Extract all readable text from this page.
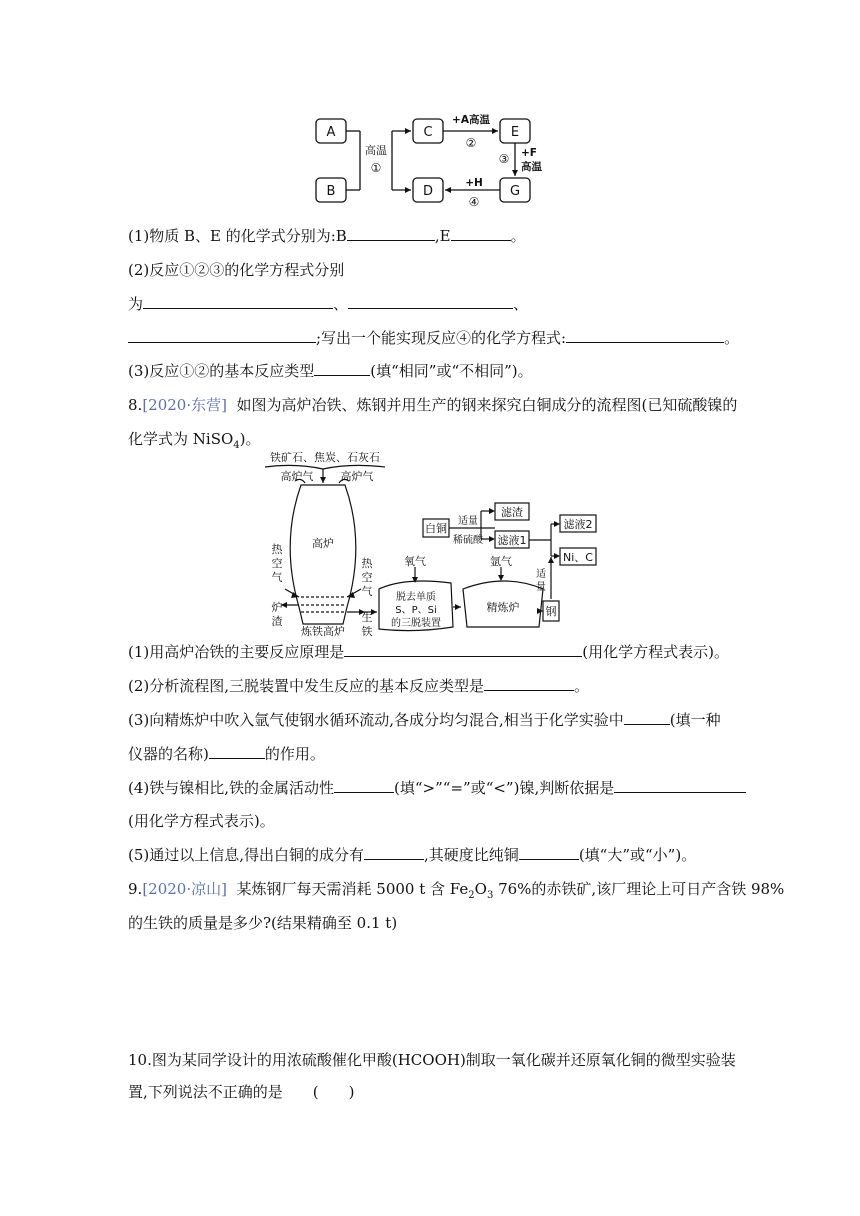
A
B
C
D
E
G
高温
①
+A高温
②
③ +F
高温
+H
④
(1)物质 B、E 的化学式分别为:B	,E	。
(2)反应①②③的化学方程式分别
为	、	、
;写出一个能实现反应④的化学方程式:	。
(3)反应①②的基本反应类型	(填“相同”或“不相同”)。
8.[2020·东营] 如图为高炉冶铁、炼钢并用生产的钢来探究白铜成分的流程图(已知硫酸镍的
化学式为 NiSO$_4$)。
铁矿石、焦炭、石灰石
高炉气 高炉气
高炉
热
空
气
炉
渣
热
空
气
生
铁
炼铁高炉
氧气	氩气
脱去单质
S、P、Si
的三脱装置
精炼炉
白铜
适量
稀硫酸
滤渣
滤液1
滤液2
Ni、C
适
量
钢
(1)用高炉冶铁的主要反应原理是	(用化学方程式表示)。
(2)分析流程图,三脱装置中发生反应的基本反应类型是	。
(3)向精炼炉中吹入氩气使钢水循环流动,各成分均匀混合,相当于化学实验中	(填一种
仪器的名称)	的作用。
(4)铁与镍相比,铁的金属活动性	(填“>”“=”或“<”)镍,判断依据是
(用化学方程式表示)。
(5)通过以上信息,得出白铜的成分有	,其硬度比纯铜	(填“大”或“小”)。
9.[2020·凉山] 某炼钢厂每天需消耗 5000 t 含 $Fe_2O_3$ 76%的赤铁矿,该厂理论上可日产含铁 98%
的生铁的质量是多少?(结果精确至 0.1 t)
10.图为某同学设计的用浓硫酸催化甲酸(HCOOH)制取一氧化碳并还原氧化铜的微型实验装
置,下列说法不正确的是　　(　　)
